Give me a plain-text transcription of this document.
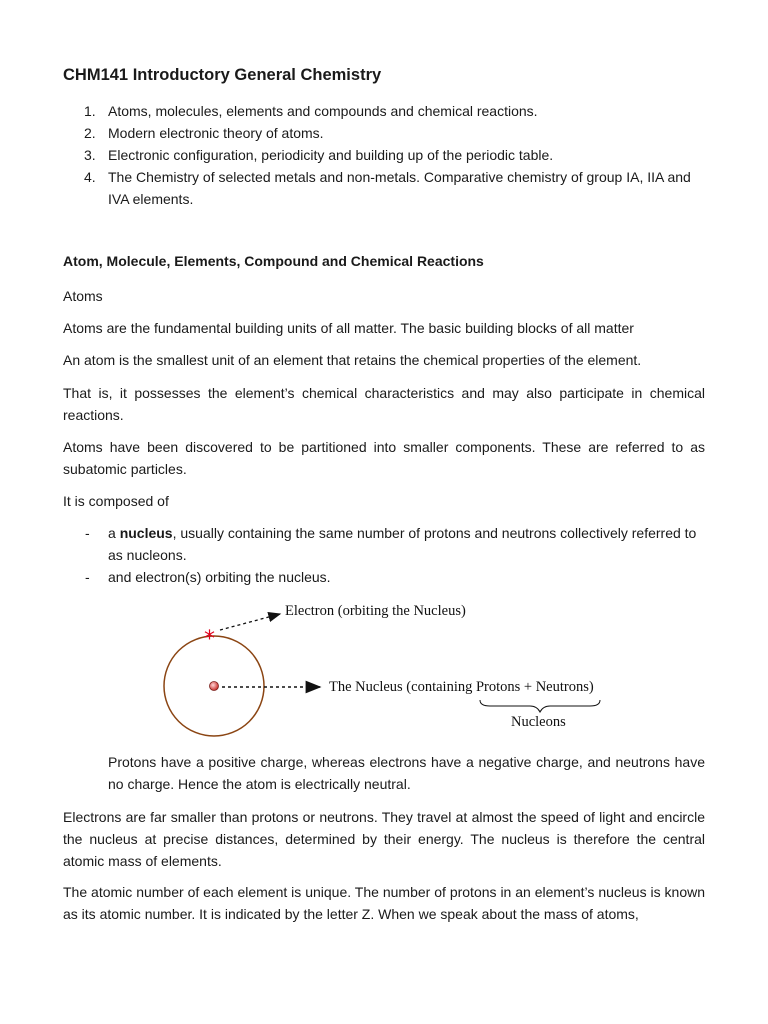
CHM141 Introductory General Chemistry
1. Atoms, molecules, elements and compounds and chemical reactions.
2. Modern electronic theory of atoms.
3. Electronic configuration, periodicity and building up of the periodic table.
4. The Chemistry of selected metals and non-metals. Comparative chemistry of group IA, IIA and IVA elements.
Atom, Molecule, Elements, Compound and Chemical Reactions

Atoms

Atoms are the fundamental building units of all matter. The basic building blocks of all matter

An atom is the smallest unit of an element that retains the chemical properties of the element.

That is, it possesses the element’s chemical characteristics and may also participate in chemical reactions.

Atoms have been discovered to be partitioned into smaller components. These are referred to as subatomic particles.

It is composed of

- a nucleus, usually containing the same number of protons and neutrons collectively referred to as nucleons.
- and electron(s) orbiting the nucleus.
*
Electron (orbiting the Nucleus)
The Nucleus (containing Protons + Neutrons)
Nucleons

Protons have a positive charge, whereas electrons have a negative charge, and neutrons have no charge. Hence the atom is electrically neutral.

Electrons are far smaller than protons or neutrons. They travel at almost the speed of light and encircle the nucleus at precise distances, determined by their energy. The nucleus is therefore the central atomic mass of elements.

The atomic number of each element is unique. The number of protons in an element’s nucleus is known as its atomic number. It is indicated by the letter Z. When we speak about the mass of atoms,
